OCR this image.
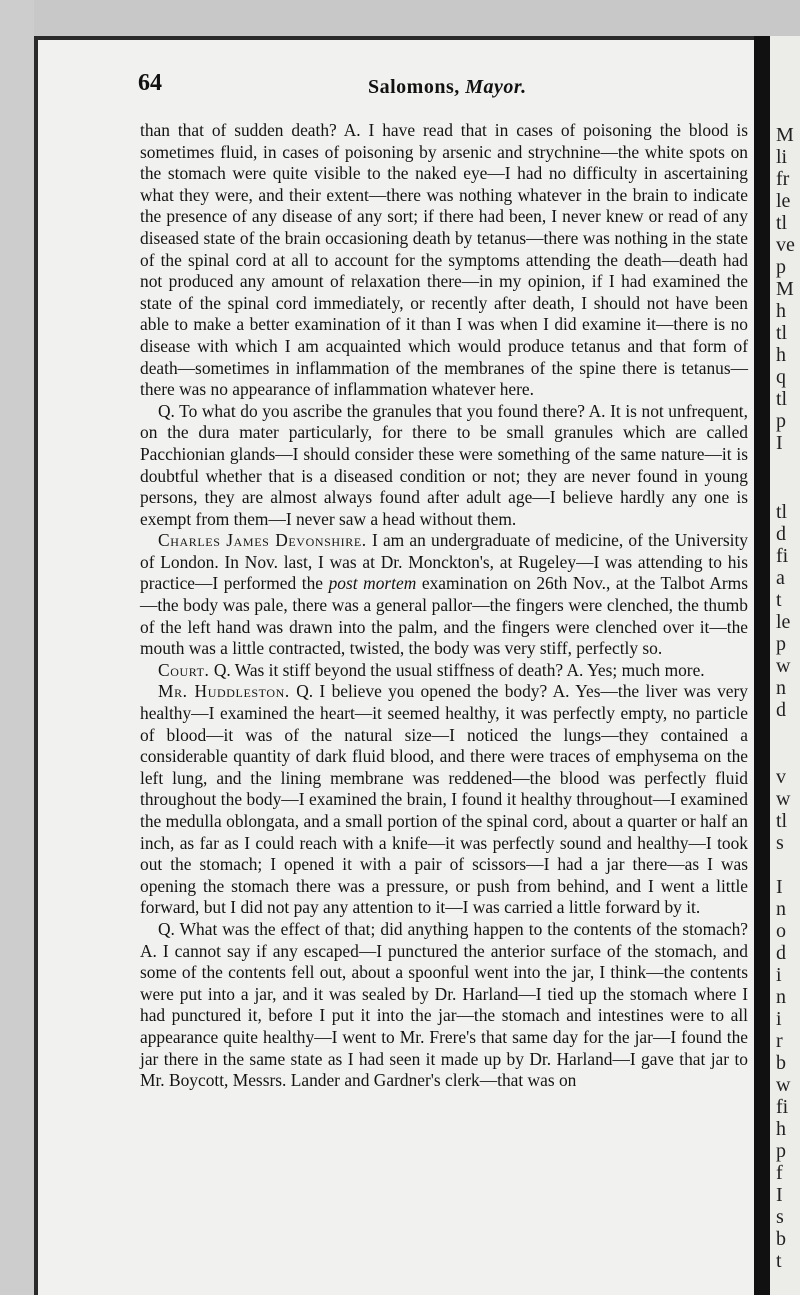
64	Salomons, Mayor.

than that of sudden death? A. I have read that in cases of poisoning the blood is sometimes fluid, in cases of poisoning by arsenic and strychnine—the white spots on the stomach were quite visible to the naked eye—I had no difficulty in ascertaining what they were, and their extent—there was nothing whatever in the brain to indicate the presence of any disease of any sort; if there had been, I never knew or read of any diseased state of the brain occasioning death by tetanus—there was nothing in the state of the spinal cord at all to account for the symptoms attending the death—death had not produced any amount of relaxation there—in my opinion, if I had examined the state of the spinal cord immediately, or recently after death, I should not have been able to make a better examination of it than I was when I did examine it—there is no disease with which I am acquainted which would produce tetanus and that form of death—sometimes in inflammation of the membranes of the spine there is tetanus—there was no appearance of inflammation whatever here.

Q. To what do you ascribe the granules that you found there? A. It is not unfrequent, on the dura mater particularly, for there to be small granules which are called Pacchionian glands—I should consider these were something of the same nature—it is doubtful whether that is a diseased condition or not; they are never found in young persons, they are almost always found after adult age—I believe hardly any one is exempt from them—I never saw a head without them.

Charles James Devonshire. I am an undergraduate of medicine, of the University of London. In Nov. last, I was at Dr. Monckton's, at Rugeley—I was attending to his practice—I performed the post mortem examination on 26th Nov., at the Talbot Arms—the body was pale, there was a general pallor—the fingers were clenched, the thumb of the left hand was drawn into the palm, and the fingers were clenched over it—the mouth was a little contracted, twisted, the body was very stiff, perfectly so.

Court. Q. Was it stiff beyond the usual stiffness of death? A. Yes; much more.

Mr. Huddleston. Q. I believe you opened the body? A. Yes—the liver was very healthy—I examined the heart—it seemed healthy, it was perfectly empty, no particle of blood—it was of the natural size—I noticed the lungs—they contained a considerable quantity of dark fluid blood, and there were traces of emphysema on the left lung, and the lining membrane was reddened—the blood was perfectly fluid throughout the body—I examined the brain, I found it healthy throughout—I examined the medulla oblongata, and a small portion of the spinal cord, about a quarter or half an inch, as far as I could reach with a knife—it was perfectly sound and healthy—I took out the stomach; I opened it with a pair of scissors—I had a jar there—as I was opening the stomach there was a pressure, or push from behind, and I went a little forward, but I did not pay any attention to it—I was carried a little forward by it.

Q. What was the effect of that; did anything happen to the contents of the stomach? A. I cannot say if any escaped—I punctured the anterior surface of the stomach, and some of the contents fell out, about a spoonful went into the jar, I think—the contents were put into a jar, and it was sealed by Dr. Harland—I tied up the stomach where I had punctured it, before I put it into the jar—the stomach and intestines were to all appearance quite healthy—I went to Mr. Frere's that same day for the jar—I found the jar there in the same state as I had seen it made up by Dr. Harland—I gave that jar to Mr. Boycott, Messrs. Lander and Gardner's clerk—that was on

M
li
fr
le
tl
ve
p
M
h
tl
h
q
tl
p
I
tl
d
fi
a
t
le
p
w
n
d
v
w
tl
s
I
n
o
d
i
n
i
r
b
w
fi
h
p
f
I
s
b
t
